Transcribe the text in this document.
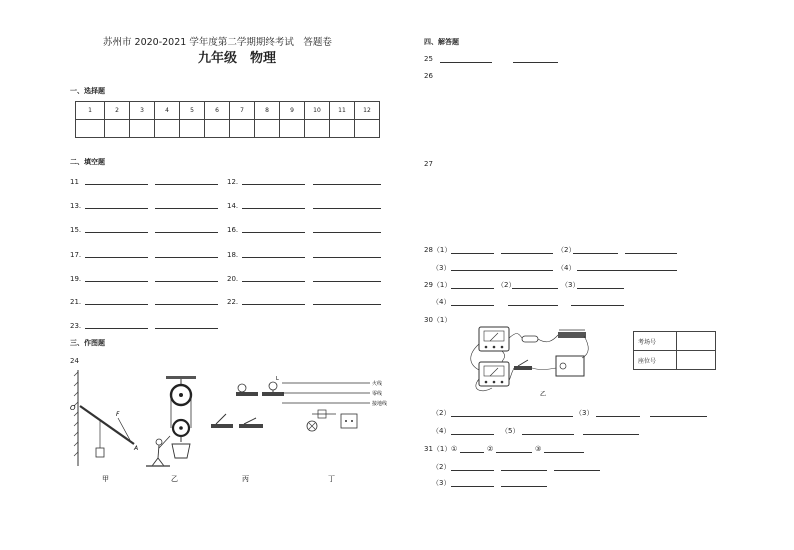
苏州市 2020-2021 学年度第二学期期终考试　答题卷
九年级　物理
一、选择题
1	2	3	4	5	6	7	8	9	10	11	12

二、填空题
11	12.
13.	14.
15.	16.
17.	18.
19.	20.
21.	22.
23.
三、作图题
24
O
A
F
L
火线
零线
接地线
甲	乙	丙	丁
四、解答题
25
26
27
28（1）	（2）
（3）	（4）
29（1）	（2）	（3）
（4）
30（1）
乙
考场号	
座位号	
（2）	（3）
（4）	（5）
31（1） ①	②	③
（2）
（3）
